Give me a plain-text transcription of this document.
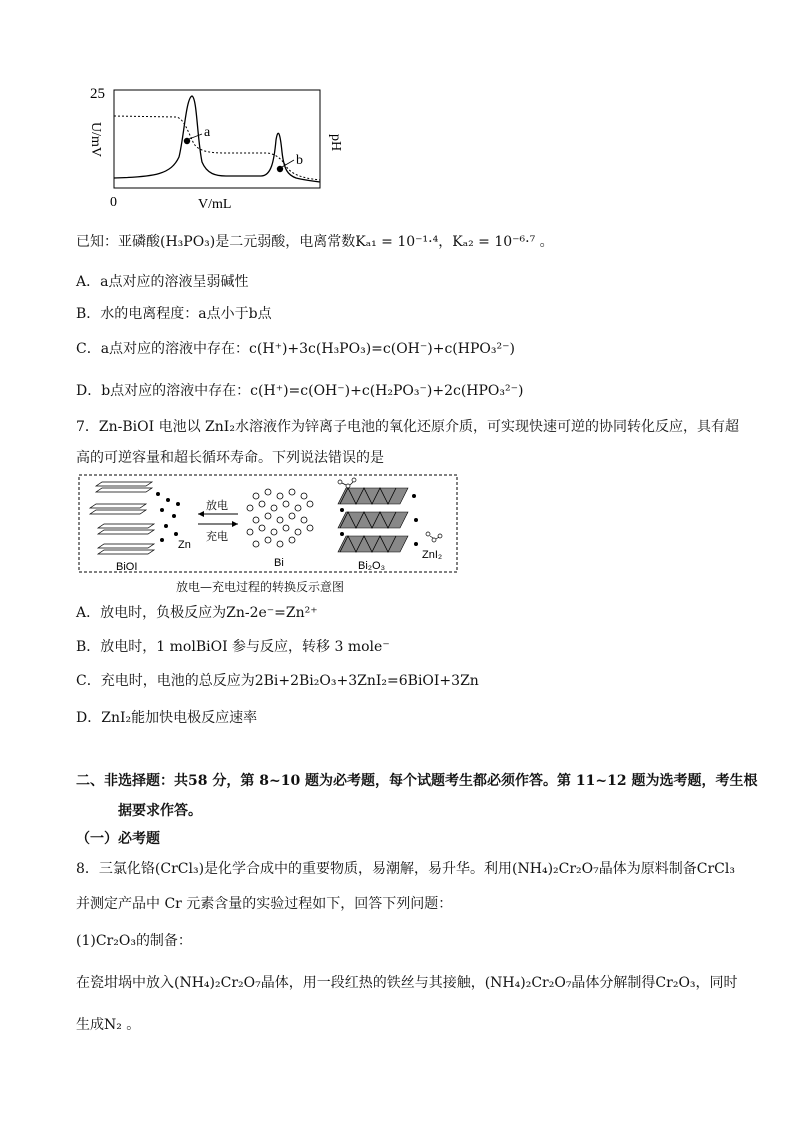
25
0	V/mL
U/mV	pH
a
b
已知：亚磷酸(H₃PO₃)是二元弱酸，电离常数Kₐ₁ = 10⁻¹·⁴，Kₐ₂ = 10⁻⁶·⁷ 。
A．a点对应的溶液呈弱碱性
B．水的电离程度：a点小于b点
C．a点对应的溶液中存在：c(H⁺)+3c(H₃PO₃)=c(OH⁻)+c(HPO₃²⁻)
D．b点对应的溶液中存在：c(H⁺)=c(OH⁻)+c(H₂PO₃⁻)+2c(HPO₃²⁻)
7．Zn-BiOI 电池以 ZnI₂水溶液作为锌离子电池的氧化还原介质，可实现快速可逆的协同转化反应，具有超
高的可逆容量和超长循环寿命。下列说法错误的是
BiOI
Zn
放电
充电
Bi	Bi₂O₃
ZnI₂
放电—充电过程的转换反示意图
A．放电时，负极反应为Zn-2e⁻=Zn²⁺
B．放电时，1 molBiOI 参与反应，转移 3 mole⁻
C．充电时，电池的总反应为2Bi+2Bi₂O₃+3ZnI₂=6BiOI+3Zn
D．ZnI₂能加快电极反应速率
二、非选择题：共58 分，第 8~10 题为必考题，每个试题考生都必须作答。第 11~12 题为选考题，考生根
据要求作答。
（一）必考题
8．三氯化铬(CrCl₃)是化学合成中的重要物质，易潮解，易升华。利用(NH₄)₂Cr₂O₇晶体为原料制备CrCl₃
并测定产品中 Cr 元素含量的实验过程如下，回答下列问题：
(1)Cr₂O₃的制备：
在瓷坩埚中放入(NH₄)₂Cr₂O₇晶体，用一段红热的铁丝与其接触，(NH₄)₂Cr₂O₇晶体分解制得Cr₂O₃，同时
生成N₂ 。
